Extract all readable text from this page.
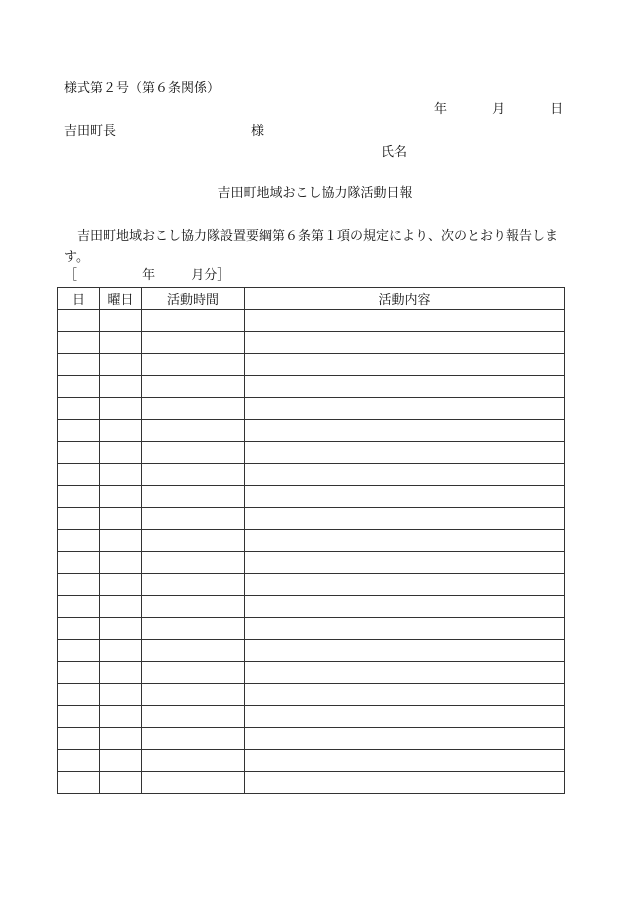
様式第２号（第６条関係）
年	月	日
吉田町長	様
氏名
吉田町地域おこし協力隊活動日報
吉田町地域おこし協力隊設置要綱第６条第１項の規定により、次のとおり報告します。
［	年	月分］
日	曜日	活動時間	活動内容
